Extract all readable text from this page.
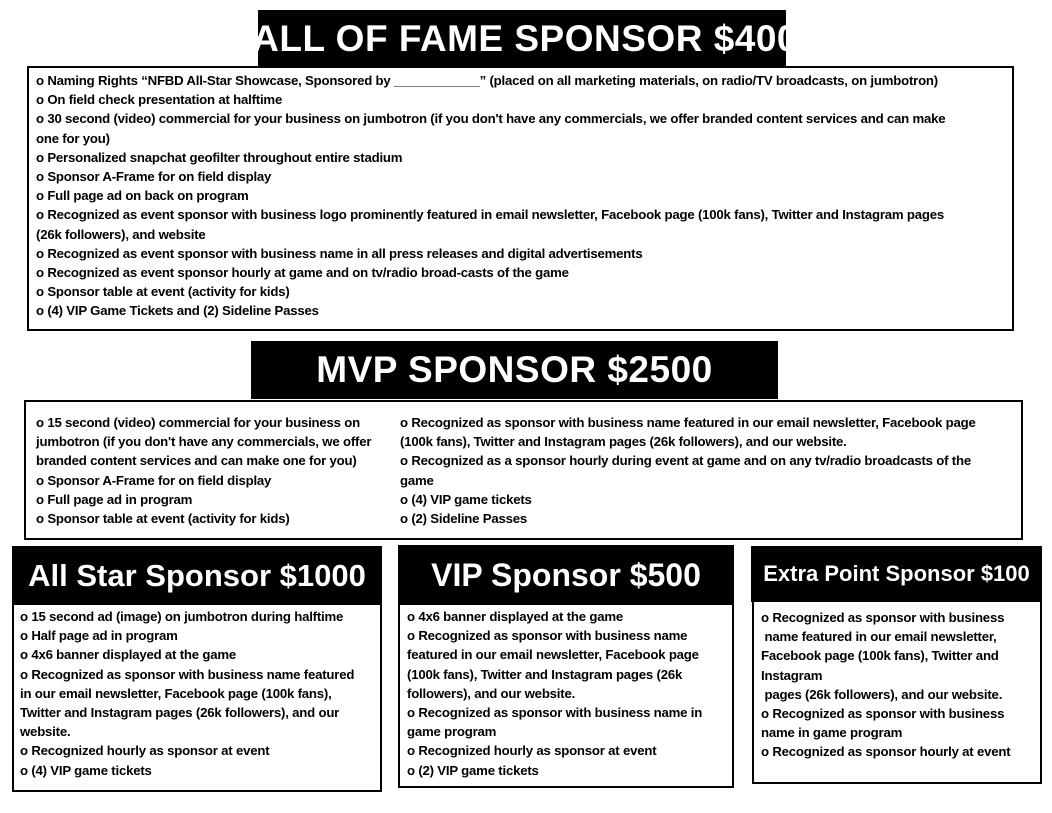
HALL OF FAME SPONSOR $4000
o Naming Rights “NFBD All-Star Showcase, Sponsored by ____________” (placed on all marketing materials, on radio/TV broadcasts, on jumbotron)
o On field check presentation at halftime
o 30 second (video) commercial for your business on jumbotron (if you don't have any commercials, we offer branded content services and can make
one for you)
o Personalized snapchat geofilter throughout entire stadium
o Sponsor A-Frame for on field display
o Full page ad on back on program
o Recognized as event sponsor with business logo prominently featured in email newsletter, Facebook page (100k fans), Twitter and Instagram pages
(26k followers), and website
o Recognized as event sponsor with business name in all press releases and digital advertisements
o Recognized as event sponsor hourly at game and on tv/radio broad-casts of the game
o Sponsor table at event (activity for kids)
o (4) VIP Game Tickets and (2) Sideline Passes
MVP SPONSOR $2500
o 15 second (video) commercial for your business on
jumbotron (if you don't have any commercials, we offer
branded content services and can make one for you)
o Sponsor A-Frame for on field display
o Full page ad in program
o Sponsor table at event (activity for kids)
o Recognized as sponsor with business name featured in our email newsletter, Facebook page
(100k fans), Twitter and Instagram pages (26k followers), and our website.
o Recognized as a sponsor hourly during event at game and on any tv/radio broadcasts of the
game
o (4) VIP game tickets
o (2) Sideline Passes
All Star Sponsor $1000
o 15 second ad (image) on jumbotron during halftime
o Half page ad in program
o 4x6 banner displayed at the game
o Recognized as sponsor with business name featured
in our email newsletter, Facebook page (100k fans),
Twitter and Instagram pages (26k followers), and our
website.
o Recognized hourly as sponsor at event
o (4) VIP game tickets
VIP Sponsor $500
o 4x6 banner displayed at the game
o Recognized as sponsor with business name
featured in our email newsletter, Facebook page
(100k fans), Twitter and Instagram pages (26k
followers), and our website.
o Recognized as sponsor with business name in
game program
o Recognized hourly as sponsor at event
o (2) VIP game tickets
Extra Point Sponsor $100
o Recognized as sponsor with business
name featured in our email newsletter,
Facebook page (100k fans), Twitter and
Instagram
pages (26k followers), and our website.
o Recognized as sponsor with business
name in game program
o Recognized as sponsor hourly at event
